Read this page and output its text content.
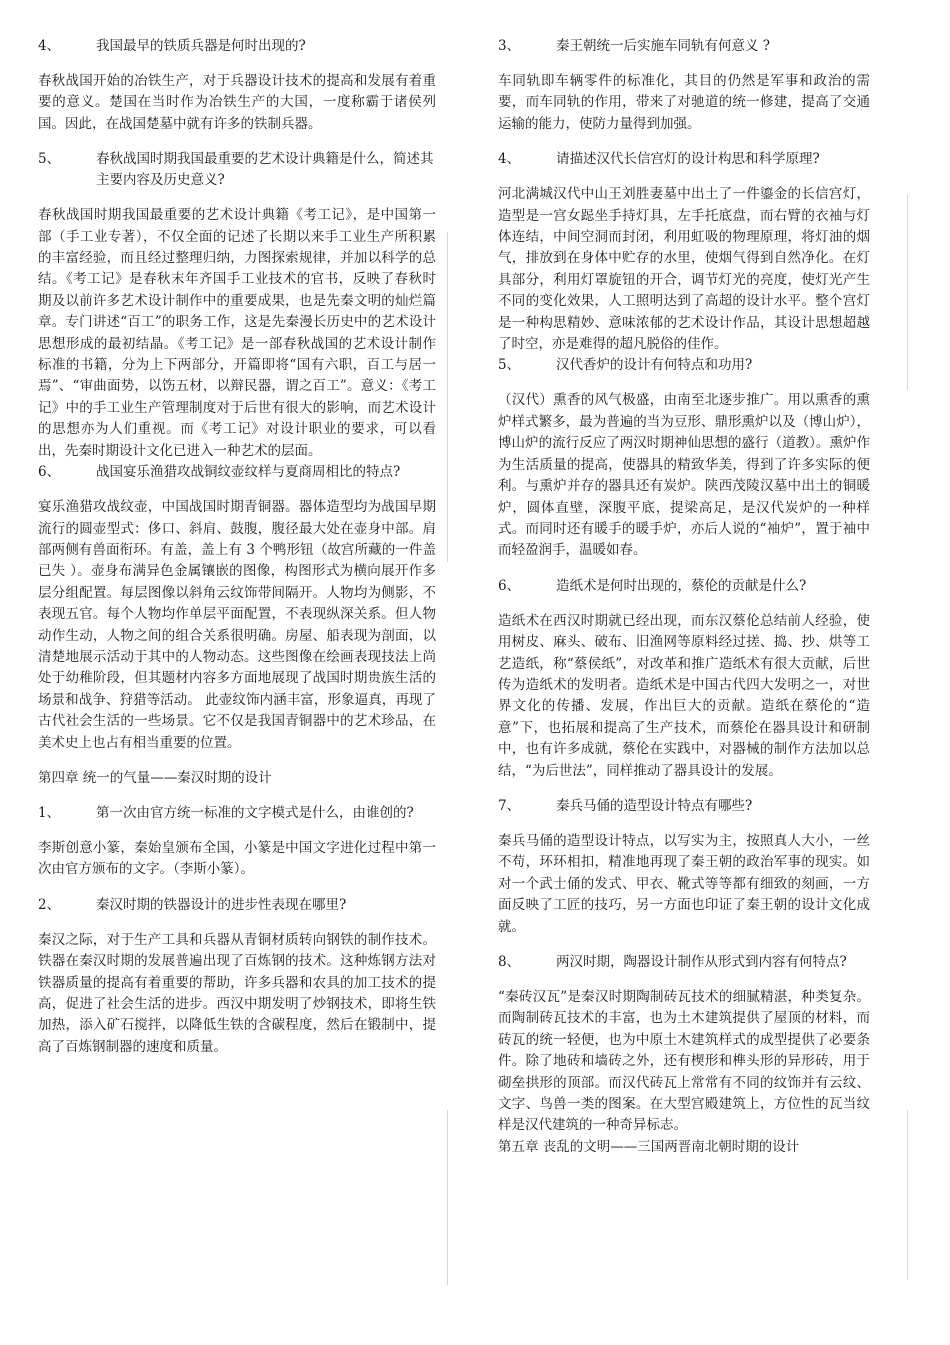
4、	我国最早的铁质兵器是何时出现的?

春秋战国开始的冶铁生产，对于兵器设计技术的提高和发展有着重要的意义。楚国在当时作为冶铁生产的大国，一度称霸于诸侯列国。因此，在战国楚墓中就有许多的铁制兵器。

5、	春秋战国时期我国最重要的艺术设计典籍是什么，简述其主要内容及历史意义?

春秋战国时期我国最重要的艺术设计典籍《考工记》，是中国第一部（手工业专著），不仅全面的记述了长期以来手工业生产所积累的丰富经验，而且经过整理归纳，力图探索规律，并加以科学的总结。《考工记》是春秋末年齐国手工业技术的官书，反映了春秋时期及以前许多艺术设计制作中的重要成果，也是先秦文明的灿烂篇章。专门讲述“百工”的职务工作，这是先秦漫长历史中的艺术设计思想形成的最初结晶。《考工记》是一部春秋战国的艺术设计制作标准的书籍，分为上下两部分，开篇即将“国有六职，百工与居一焉”、“审曲面势，以饬五材，以辩民器，谓之百工”。意义：《考工记》中的手工业生产管理制度对于后世有很大的影响，而艺术设计的思想亦为人们重视。而《考工记》对设计职业的要求，可以看出，先秦时期设计文化已进入一种艺术的层面。

6、	战国宴乐渔猎攻战铜纹壶纹样与夏商周相比的特点?

宴乐渔猎攻战纹壶，中国战国时期青铜器。器体造型均为战国早期流行的圆壶型式：侈口、斜肩、鼓腹，腹径最大处在壶身中部。肩部两侧有兽面衔环。有盖，盖上有 3 个鸭形钮（故宫所藏的一件盖已失 ）。壶身布满异色金属镶嵌的图像，构图形式为横向展开作多层分组配置。每层图像以斜角云纹饰带间隔开。人物均为侧影，不表现五官。每个人物均作单层平面配置，不表现纵深关系。但人物动作生动，人物之间的组合关系很明确。房屋、船表现为剖面，以清楚地展示活动于其中的人物动态。这些图像在绘画表现技法上尚处于幼稚阶段，但其题材内容多方面地展现了战国时期贵族生活的场景和战争、狩猎等活动。 此壶纹饰内涵丰富，形象逼真，再现了古代社会生活的一些场景。它不仅是我国青铜器中的艺术珍品，在美术史上也占有相当重要的位置。

第四章 统一的气量——秦汉时期的设计
1、	第一次由官方统一标准的文字模式是什么，由谁创的?

李斯创意小篆，秦始皇颁布全国，小篆是中国文字进化过程中第一次由官方颁布的文字。（李斯小篆）。

2、	秦汉时期的铁器设计的进步性表现在哪里?

秦汉之际，对于生产工具和兵器从青铜材质转向钢铁的制作技术。铁器在秦汉时期的发展普遍出现了百炼钢的技术。这种炼钢方法对铁器质量的提高有着重要的帮助，许多兵器和农具的加工技术的提高，促进了社会生活的进步。西汉中期发明了炒钢技术，即将生铁加热，添入矿石搅拌，以降低生铁的含碳程度，然后在锻制中，提高了百炼钢制器的速度和质量。

3、	秦王朝统一后实施车同轨有何意义 ?

车同轨即车辆零件的标准化，其目的仍然是军事和政治的需要，而车同轨的作用，带来了对驰道的统一修建，提高了交通运输的能力，使防力量得到加强。

4、	请描述汉代长信宫灯的设计构思和科学原理?

河北满城汉代中山王刘胜妻墓中出土了一件鎏金的长信宫灯，造型是一宫女跽坐手持灯具，左手托底盘，而右臂的衣袖与灯体连结，中间空洞而封闭，利用虹吸的物理原理，将灯油的烟气，排放到在身体中贮存的水里，使烟气得到自然净化。在灯具部分，利用灯罩旋钮的开合，调节灯光的亮度，使灯光产生不同的变化效果，人工照明达到了高超的设计水平。整个宫灯是一种构思精妙、意味浓郁的艺术设计作品，其设计思想超越了时空，亦是难得的超凡脱俗的佳作。

5、	汉代香炉的设计有何特点和功用?

（汉代）熏香的风气极盛，由南至北逐步推广。用以熏香的熏炉样式繁多，最为普遍的当为豆形、鼎形熏炉以及（博山炉），博山炉的流行反应了两汉时期神仙思想的盛行（道教）。熏炉作为生活质量的提高，使器具的精致华美，得到了许多实际的便利。与熏炉并存的器具还有炭炉。陕西茂陵汉墓中出土的铜暖炉，圆体直壁，深腹平底，提梁高足，是汉代炭炉的一种样式。而同时还有暖手的暖手炉，亦后人说的“袖炉”，置于袖中而轻盈润手，温暖如春。

6、	造纸术是何时出现的，蔡伦的贡献是什么?

造纸术在西汉时期就已经出现，而东汉蔡伦总结前人经验，使用树皮、麻头、破布、旧渔网等原料经过搓、捣、抄、烘等工艺造纸，称“蔡侯纸”，对改革和推广造纸术有很大贡献，后世传为造纸术的发明者。造纸术是中国古代四大发明之一，对世界文化的传播、发展，作出巨大的贡献。造纸在蔡伦的“造意”下，也拓展和提高了生产技术，而蔡伦在器具设计和研制中，也有许多成就，蔡伦在实践中，对器械的制作方法加以总结，“为后世法”，同样推动了器具设计的发展。

7、	秦兵马俑的造型设计特点有哪些?

秦兵马俑的造型设计特点，以写实为主，按照真人大小，一丝不苟，环环相扣，精准地再现了秦王朝的政治军事的现实。如对一个武士俑的发式、甲衣、靴式等等都有细致的刻画，一方面反映了工匠的技巧，另一方面也印证了秦王朝的设计文化成就。

8、	两汉时期，陶器设计制作从形式到内容有何特点?

“秦砖汉瓦”是秦汉时期陶制砖瓦技术的细腻精湛，种类复杂。而陶制砖瓦技术的丰富，也为土木建筑提供了屋顶的材料，而砖瓦的统一轻便，也为中原土木建筑样式的成型提供了必要条件。除了地砖和墙砖之外，还有楔形和榫头形的异形砖，用于砌垒拱形的顶部。而汉代砖瓦上常常有不同的纹饰并有云纹、文字、鸟兽一类的图案。在大型宫殿建筑上，方位性的瓦当纹样是汉代建筑的一种奇异标志。

第五章 丧乱的文明——三国两晋南北朝时期的设计
